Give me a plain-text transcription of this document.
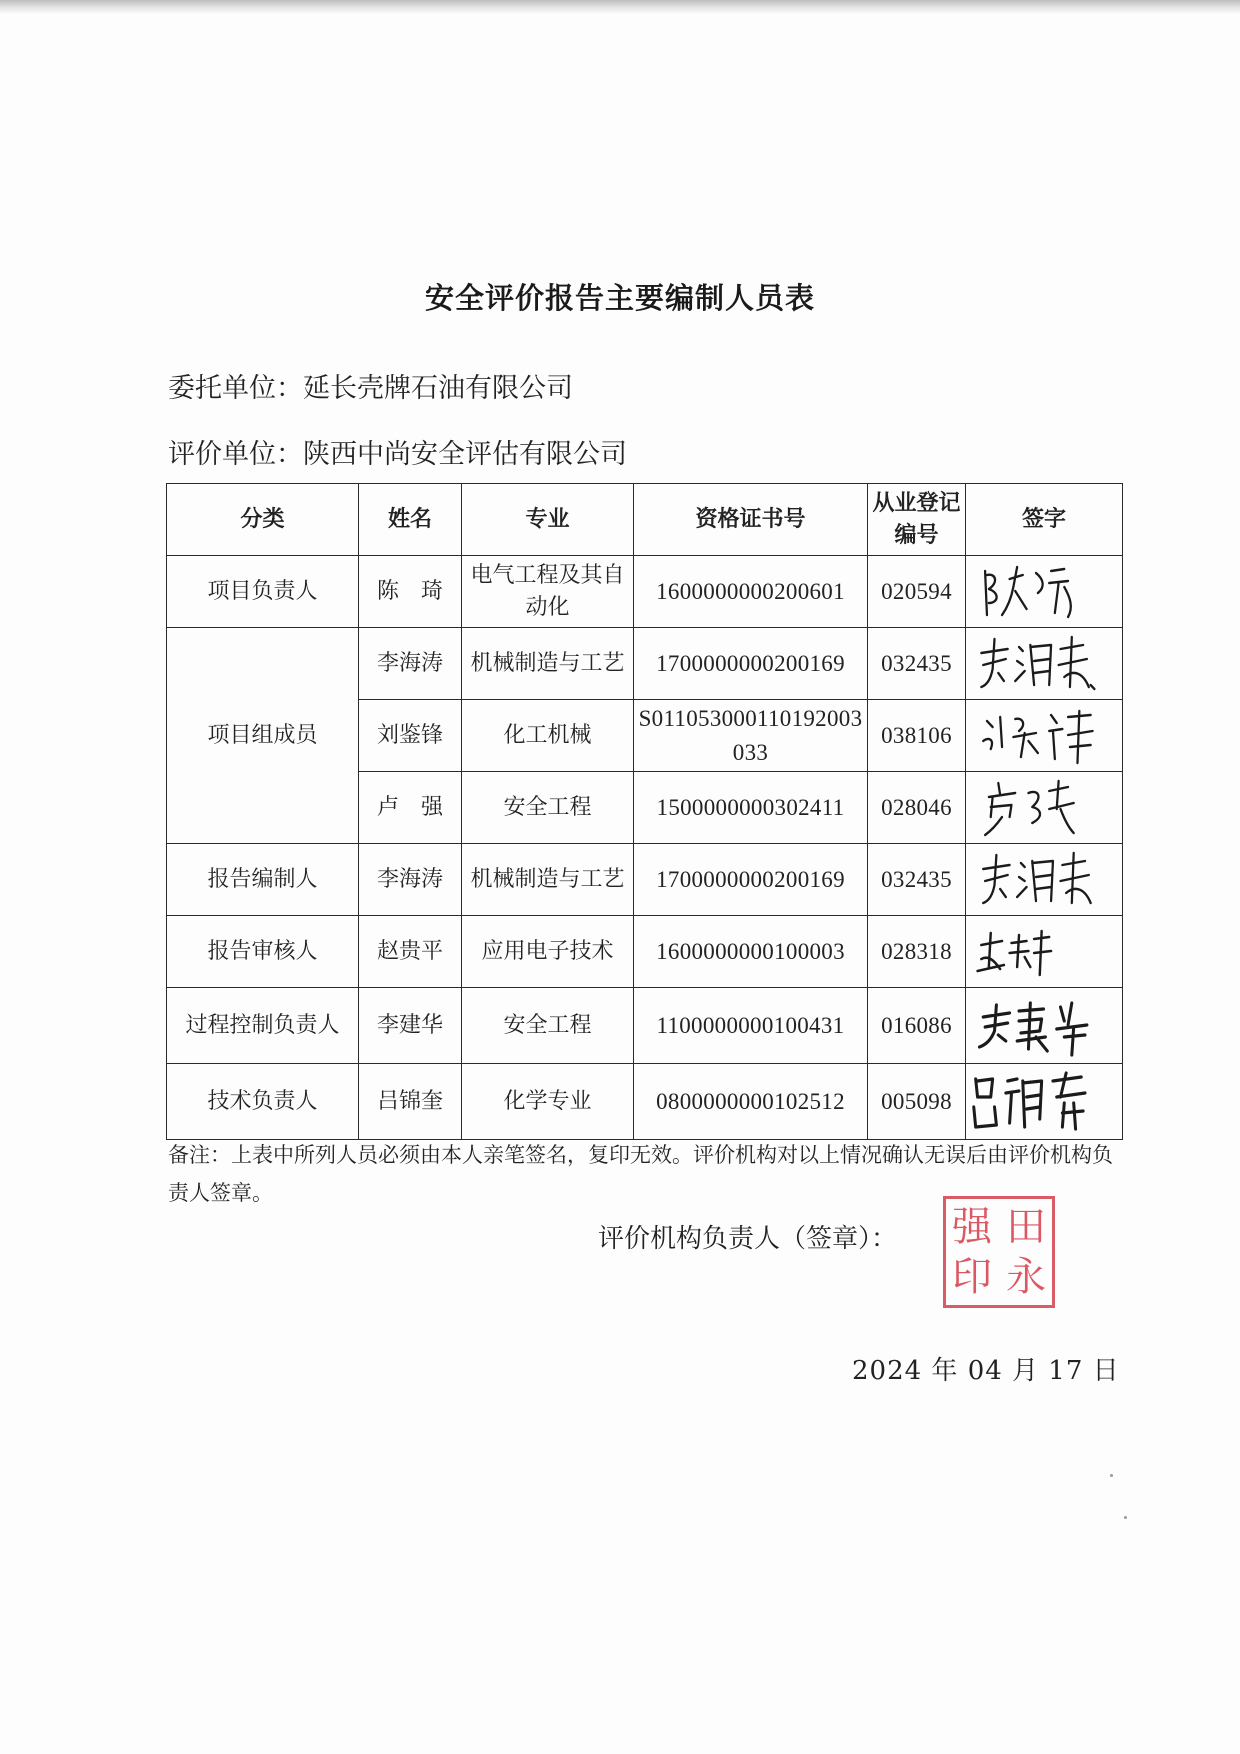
安全评价报告主要编制人员表
委托单位：延长壳牌石油有限公司
评价单位：陕西中尚安全评估有限公司
分类	姓名	专业	资格证书号	从业登记编号	签字
项目负责人	陈　琦	电气工程及其自动化	1600000000200601	020594	

项目组成员	李海涛	机械制造与工艺	1700000000200169	032435	

	刘鉴锋	化工机械	S011053000110192003033	038106	

	卢　强	安全工程	1500000000302411	028046	

报告编制人	李海涛	机械制造与工艺	1700000000200169	032435	

报告审核人	赵贵平	应用电子技术	1600000000100003	028318	

过程控制负责人	李建华	安全工程	1100000000100431	016086	

技术负责人	吕锦奎	化学专业	0800000000102512	005098	
备注：上表中所列人员必须由本人亲笔签名，复印无效。评价机构对以上情况确认无误后由评价机构负责人签章。
评价机构负责人（签章）： 强 田
印 永
2024 年 04 月 17 日
